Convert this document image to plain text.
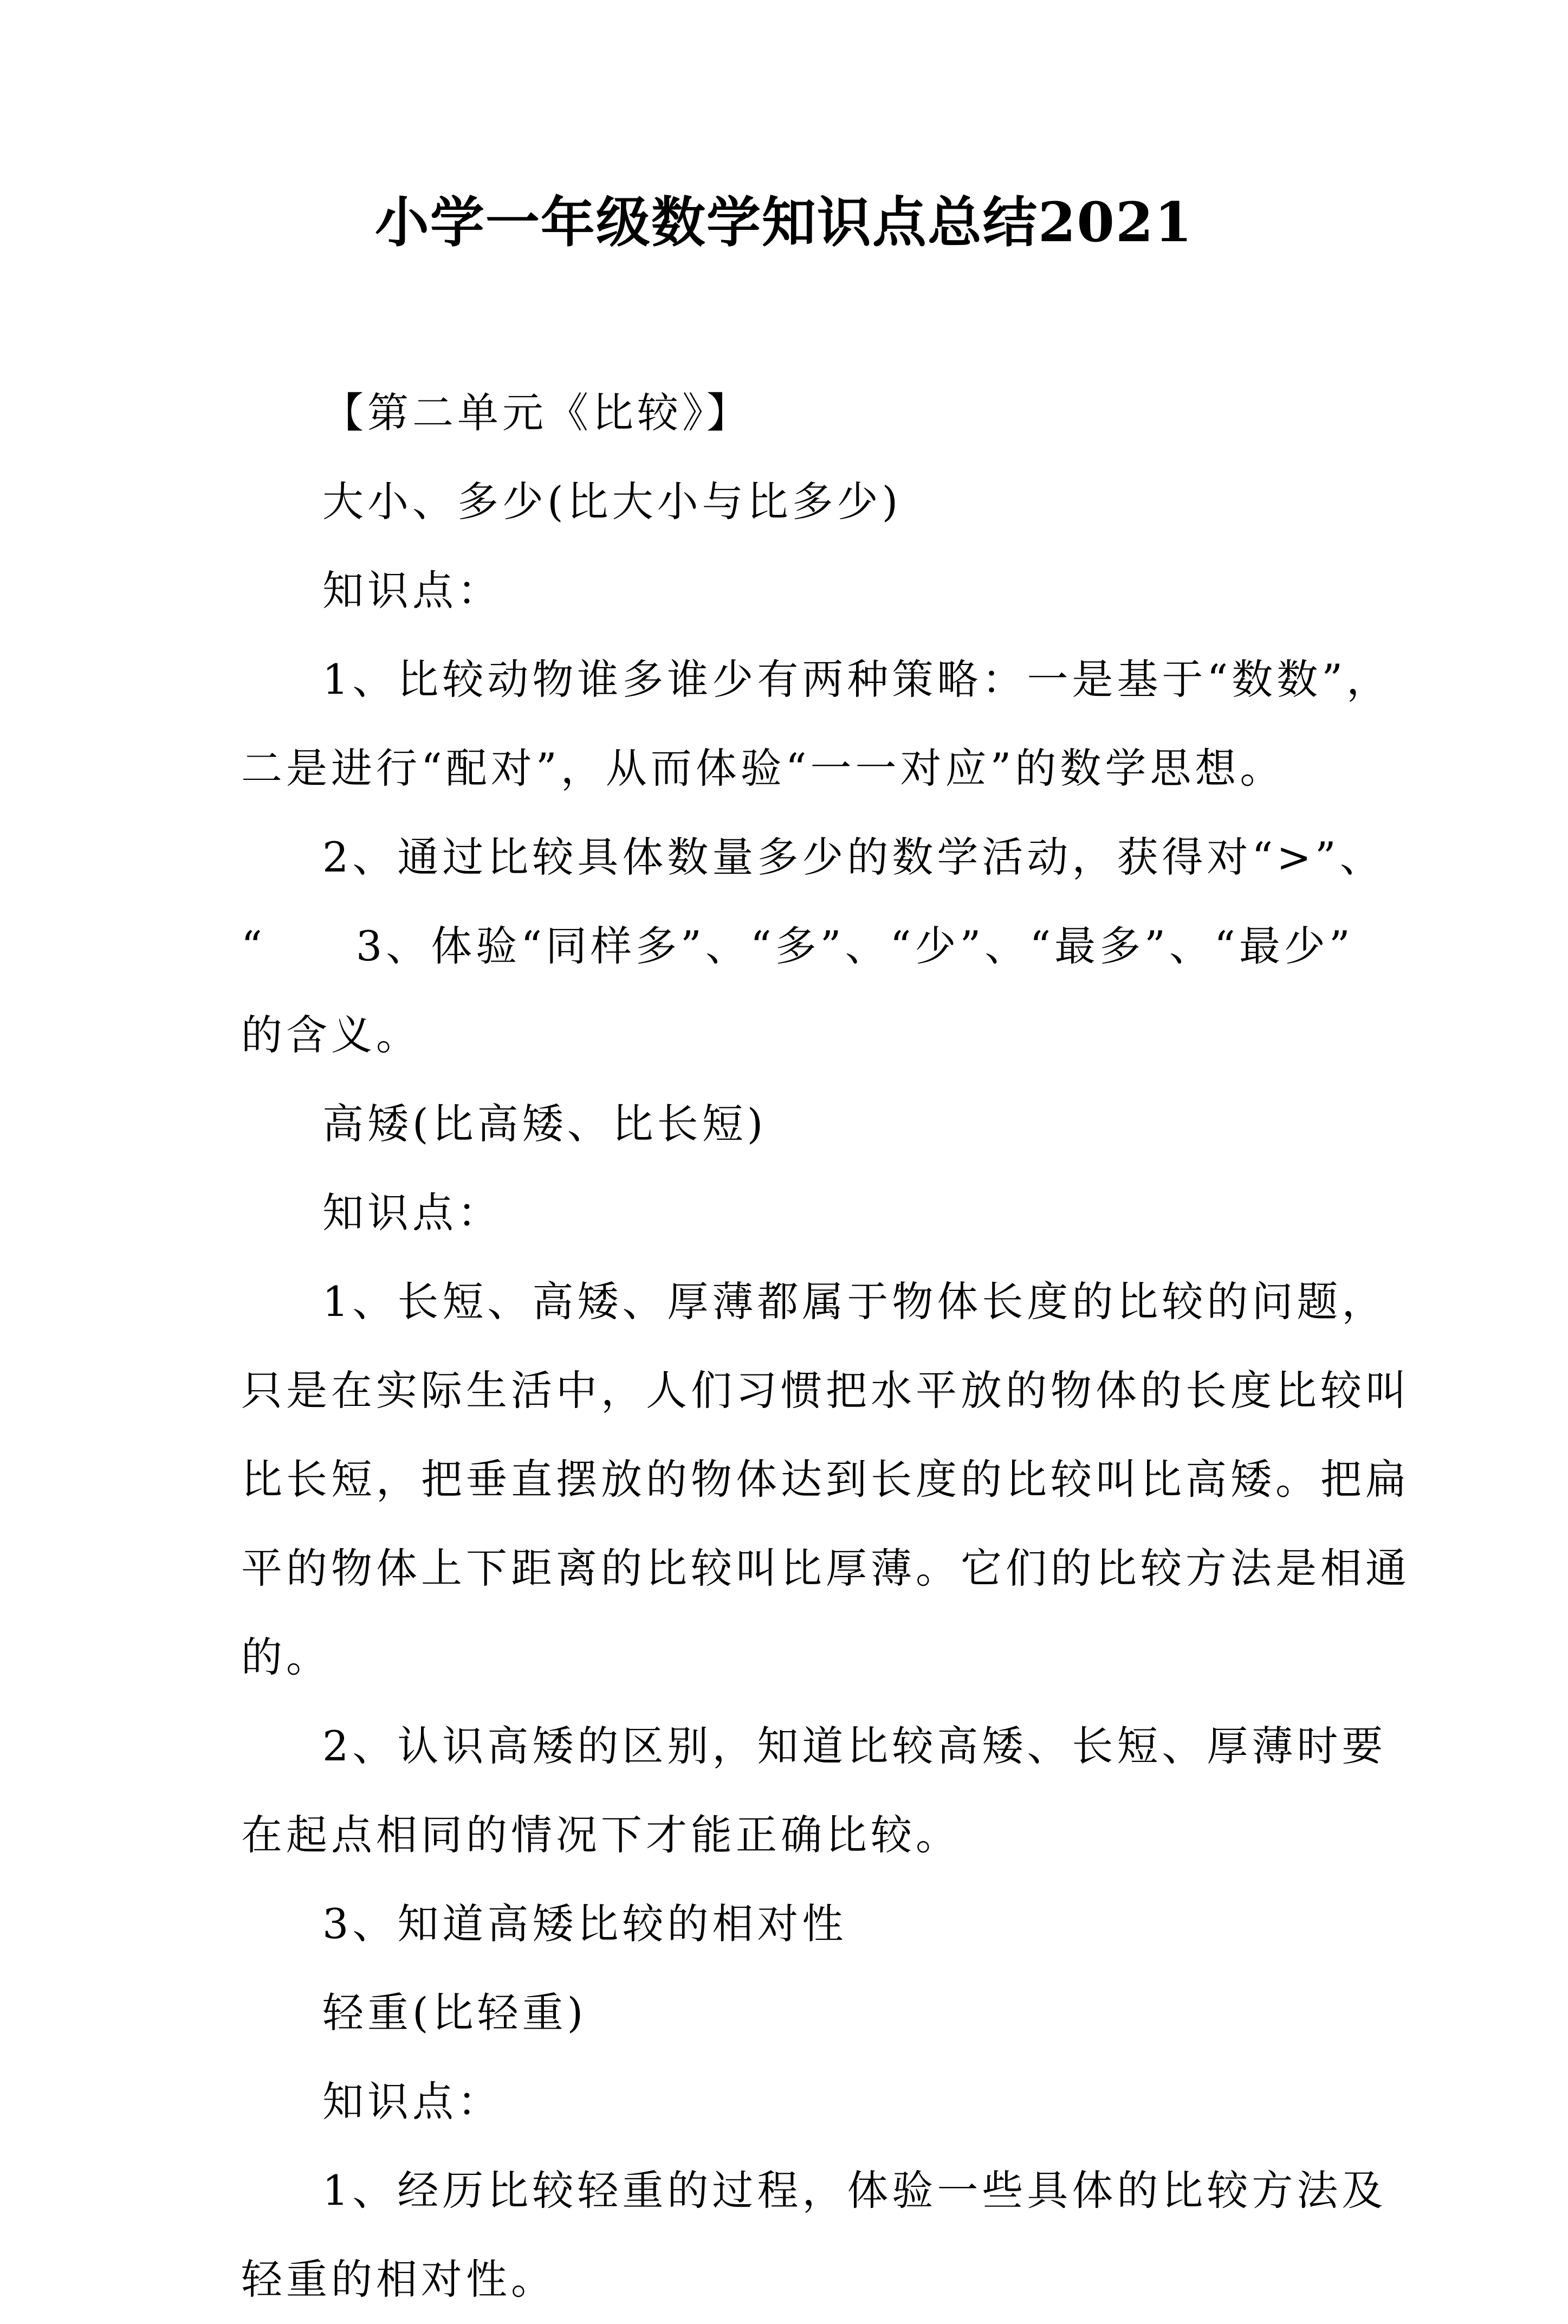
小学一年级数学知识点总结2021
【第二单元《比较》】
大小、多少(比大小与比多少)
知识点：
1、比较动物谁多谁少有两种策略：一是基于“数数”，
二是进行“配对”，从而体验“一一对应”的数学思想。
2、通过比较具体数量多少的数学活动，获得对“>”、
“　　3、体验“同样多”、“多”、“少”、“最多”、“最少”
的含义。
高矮(比高矮、比长短)
知识点：
1、长短、高矮、厚薄都属于物体长度的比较的问题，
只是在实际生活中，人们习惯把水平放的物体的长度比较叫
比长短，把垂直摆放的物体达到长度的比较叫比高矮。把扁
平的物体上下距离的比较叫比厚薄。它们的比较方法是相通
的。
2、认识高矮的区别，知道比较高矮、长短、厚薄时要
在起点相同的情况下才能正确比较。
3、知道高矮比较的相对性
轻重(比轻重)
知识点：
1、经历比较轻重的过程，体验一些具体的比较方法及
轻重的相对性。
